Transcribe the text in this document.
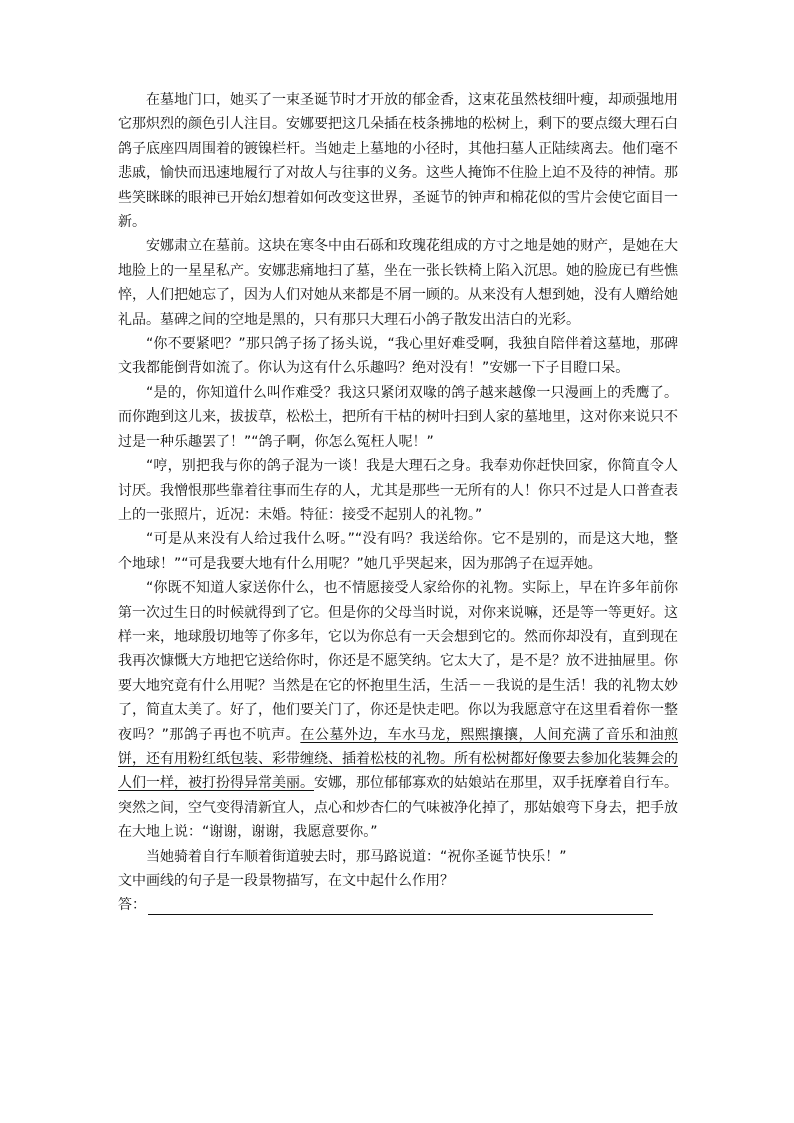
在墓地门口，她买了一束圣诞节时才开放的郁金香，这束花虽然枝细叶瘦，却顽强地用它那炽烈的颜色引人注目。安娜要把这几朵插在枝条拂地的松树上，剩下的要点缀大理石白鸽子底座四周围着的镀镍栏杆。当她走上墓地的小径时，其他扫墓人正陆续离去。他们毫不悲戚，愉快而迅速地履行了对故人与往事的义务。这些人掩饰不住脸上迫不及待的神情。那些笑眯眯的眼神已开始幻想着如何改变这世界，圣诞节的钟声和棉花似的雪片会使它面目一新。

安娜肃立在墓前。这块在寒冬中由石砾和玫瑰花组成的方寸之地是她的财产，是她在大地脸上的一星星私产。安娜悲痛地扫了墓，坐在一张长铁椅上陷入沉思。她的脸庞已有些憔悴，人们把她忘了，因为人们对她从来都是不屑一顾的。从来没有人想到她，没有人赠给她礼品。墓碑之间的空地是黑的，只有那只大理石小鸽子散发出洁白的光彩。

“你不要紧吧？”那只鸽子扬了扬头说，“我心里好难受啊，我独自陪伴着这墓地，那碑文我都能倒背如流了。你认为这有什么乐趣吗？绝对没有！”安娜一下子目瞪口呆。

“是的，你知道什么叫作难受？我这只紧闭双喙的鸽子越来越像一只漫画上的秃鹰了。而你跑到这儿来，拔拔草，松松土，把所有干枯的树叶扫到人家的墓地里，这对你来说只不过是一种乐趣罢了！”“鸽子啊，你怎么冤枉人呢！”

“哼，别把我与你的鸽子混为一谈！我是大理石之身。我奉劝你赶快回家，你简直令人讨厌。我憎恨那些靠着往事而生存的人，尤其是那些一无所有的人！你只不过是人口普查表上的一张照片，近况：未婚。特征：接受不起别人的礼物。”

“可是从来没有人给过我什么呀。”“没有吗？我送给你。它不是别的，而是这大地，整个地球！”“可是我要大地有什么用呢？”她几乎哭起来，因为那鸽子在逗弄她。

“你既不知道人家送你什么，也不情愿接受人家给你的礼物。实际上，早在许多年前你第一次过生日的时候就得到了它。但是你的父母当时说，对你来说嘛，还是等一等更好。这样一来，地球殷切地等了你多年，它以为你总有一天会想到它的。然而你却没有，直到现在我再次慷慨大方地把它送给你时，你还是不愿笑纳。它太大了，是不是？放不进抽屉里。你要大地究竟有什么用呢？当然是在它的怀抱里生活，生活－－我说的是生活！我的礼物太妙了，简直太美了。好了，他们要关门了，你还是快走吧。你以为我愿意守在这里看着你一整夜吗？”那鸽子再也不吭声。在公墓外边，车水马龙，熙熙攘攘，人间充满了音乐和油煎饼，还有用粉红纸包装、彩带缠绕、插着松枝的礼物。所有松树都好像要去参加化装舞会的人们一样，被打扮得异常美丽。安娜，那位郁郁寡欢的姑娘站在那里，双手抚摩着自行车。突然之间，空气变得清新宜人，点心和炒杏仁的气味被净化掉了，那姑娘弯下身去，把手放在大地上说：“谢谢，谢谢，我愿意要你。”

当她骑着自行车顺着街道驶去时，那马路说道：“祝你圣诞节快乐！”

文中画线的句子是一段景物描写，在文中起什么作用？

答：
